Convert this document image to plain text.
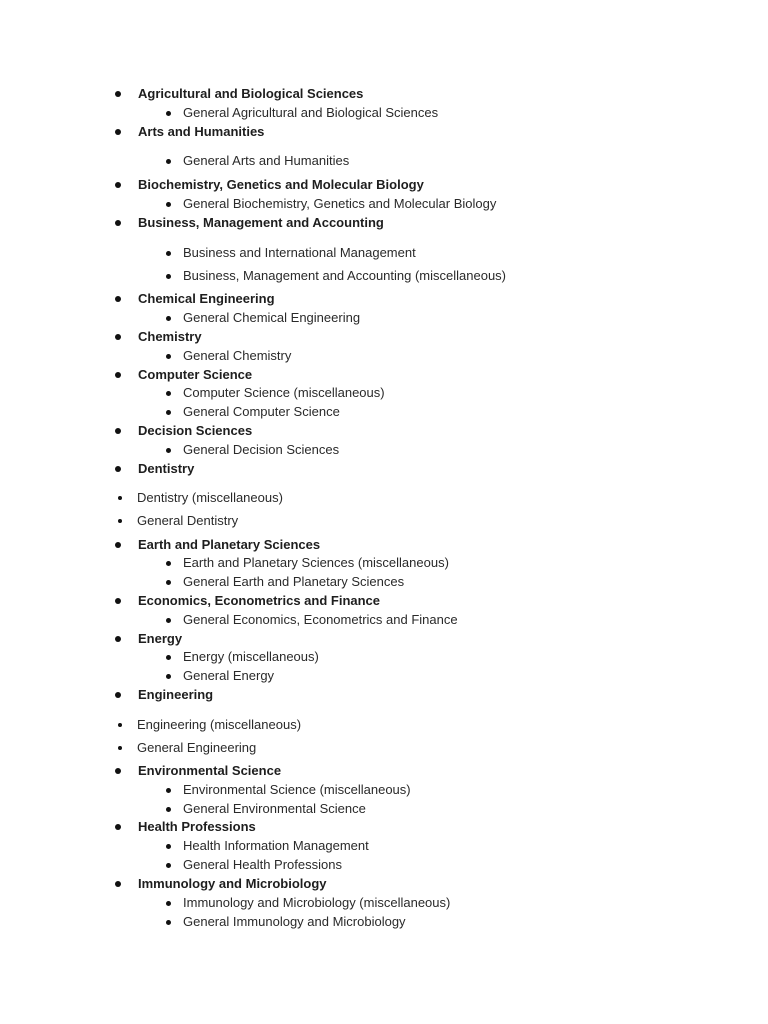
Agricultural and Biological Sciences
General Agricultural and Biological Sciences
Arts and Humanities
General Arts and Humanities
Biochemistry, Genetics and Molecular Biology
General Biochemistry, Genetics and Molecular Biology
Business, Management and Accounting
Business and International Management
Business, Management and Accounting (miscellaneous)
Chemical Engineering
General Chemical Engineering
Chemistry
General Chemistry
Computer Science
Computer Science (miscellaneous)
General Computer Science
Decision Sciences
General Decision Sciences
Dentistry
Dentistry (miscellaneous)
General Dentistry
Earth and Planetary Sciences
Earth and Planetary Sciences (miscellaneous)
General Earth and Planetary Sciences
Economics, Econometrics and Finance
General Economics, Econometrics and Finance
Energy
Energy (miscellaneous)
General Energy
Engineering
Engineering (miscellaneous)
General Engineering
Environmental Science
Environmental Science (miscellaneous)
General Environmental Science
Health Professions
Health Information Management
General Health Professions
Immunology and Microbiology
Immunology and Microbiology (miscellaneous)
General Immunology and Microbiology
